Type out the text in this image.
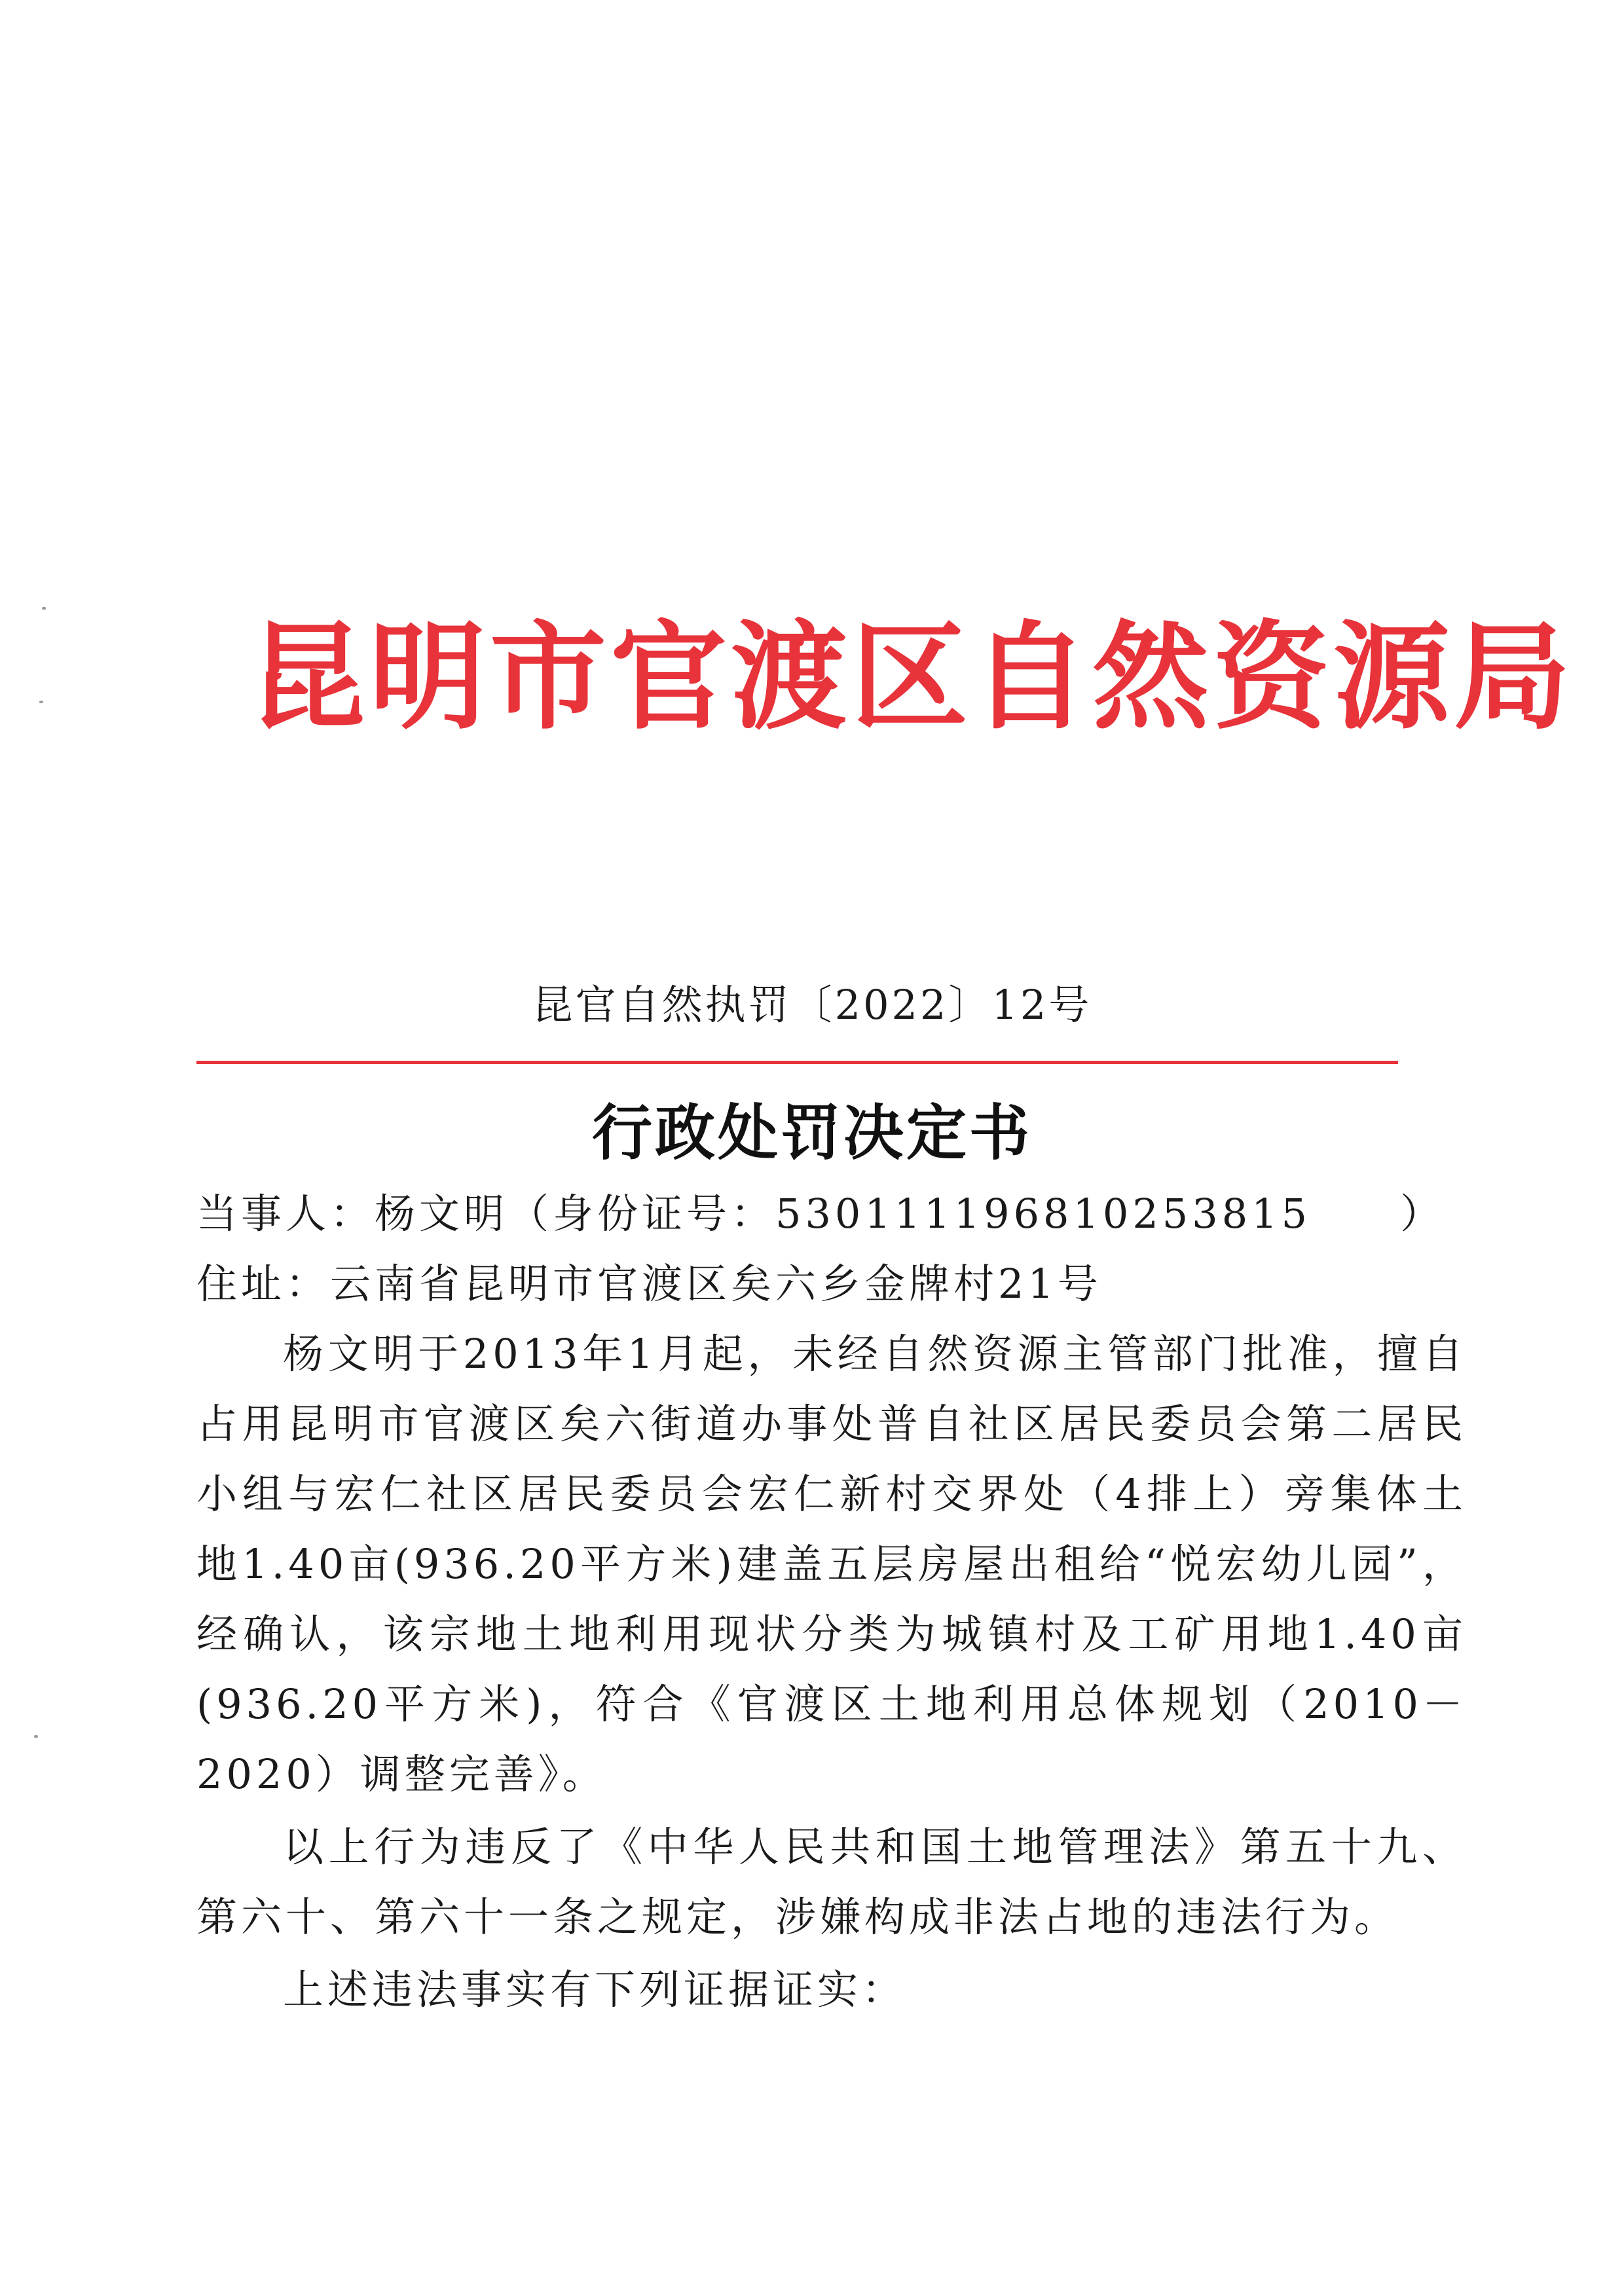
昆明市官渡区自然资源局
昆官自然执罚〔2022〕12号
行政处罚决定书

当事人：杨文明（身份证号：530111196810253815　　）

住址：云南省昆明市官渡区矣六乡金牌村21号

杨文明于2013年1月起，未经自然资源主管部门批准，擅自占用昆明市官渡区矣六街道办事处普自社区居民委员会第二居民小组与宏仁社区居民委员会宏仁新村交界处（4排上）旁集体土地1.40亩(936.20平方米)建盖五层房屋出租给“悦宏幼儿园”，经确认，该宗地土地利用现状分类为城镇村及工矿用地1.40亩(936.20平方米)，符合《官渡区土地利用总体规划（2010－2020）调整完善》。

以上行为违反了《中华人民共和国土地管理法》第五十九、第六十、第六十一条之规定，涉嫌构成非法占地的违法行为。

上述违法事实有下列证据证实：
